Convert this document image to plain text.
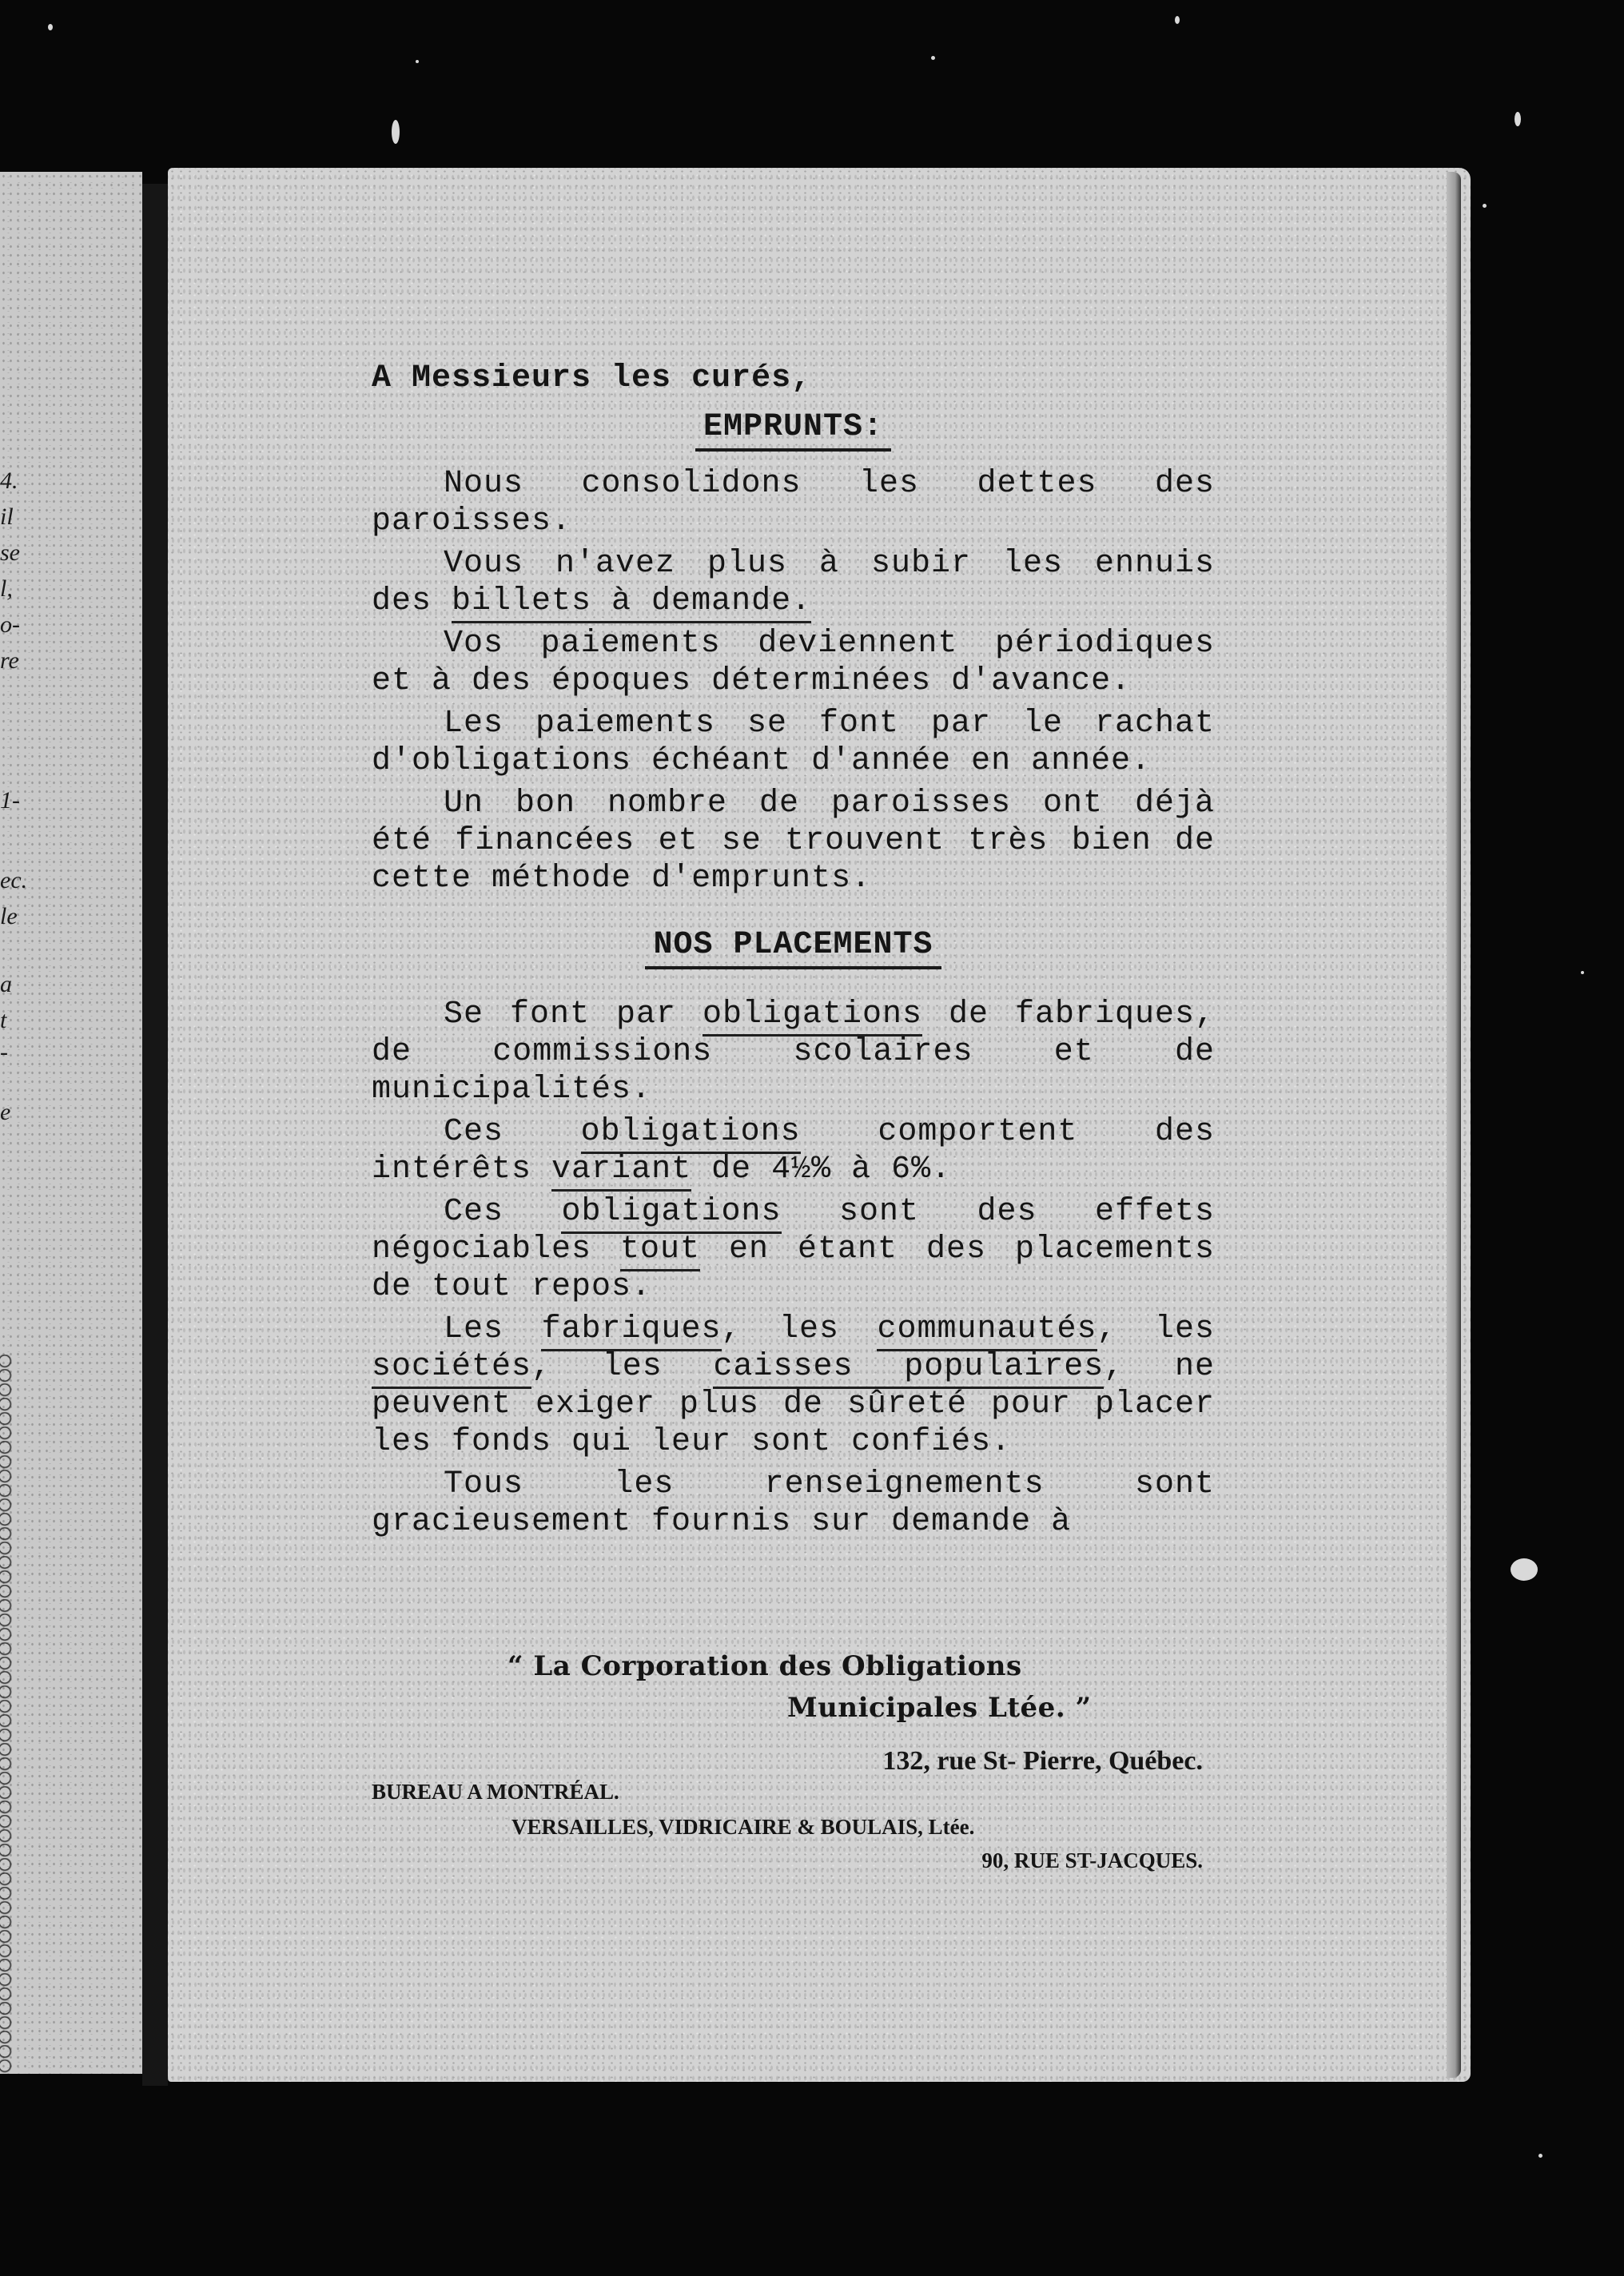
4.
il
se
l,
o-
re
1-
ec.
le
a
t
-
e

A Messieurs les curés,

EMPRUNTS:

Nous consolidons les dettes des paroisses.

Vous n'avez plus à subir les ennuis des billets à demande.

Vos paiements deviennent périodiques et à des époques déterminées d'avance.

Les paiements se font par le rachat d'obligations échéant d'année en année.

Un bon nombre de paroisses ont déjà été financées et se trouvent très bien de cette méthode d'emprunts.

NOS PLACEMENTS

Se font par obligations de fabriques, de commissions scolaires et de municipalités.

Ces obligations comportent des intérêts variant de 4½% à 6%.

Ces obligations sont des effets négociables tout en étant des placements de tout repos.

Les fabriques, les communautés, les sociétés, les caisses populaires, ne peuvent exiger plus de sûreté pour placer les fonds qui leur sont confiés.

Tous les renseignements sont gracieusement fournis sur demande à

“ La Corporation des Obligations
Municipales Ltée. ”
132, rue St- Pierre, Québec.
BUREAU A MONTRÉAL.
VERSAILLES, VIDRICAIRE & BOULAIS, Ltée.
90, RUE ST-JACQUES.
